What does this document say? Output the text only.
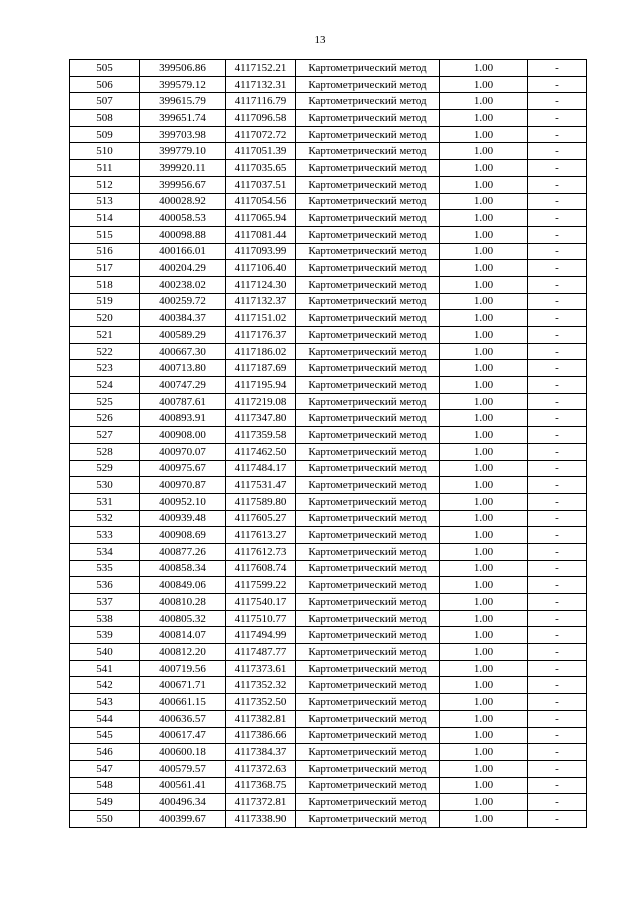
13
505	399506.86	4117152.21	Картометрический метод	1.00	-
506	399579.12	4117132.31	Картометрический метод	1.00	-
507	399615.79	4117116.79	Картометрический метод	1.00	-
508	399651.74	4117096.58	Картометрический метод	1.00	-
509	399703.98	4117072.72	Картометрический метод	1.00	-
510	399779.10	4117051.39	Картометрический метод	1.00	-
511	399920.11	4117035.65	Картометрический метод	1.00	-
512	399956.67	4117037.51	Картометрический метод	1.00	-
513	400028.92	4117054.56	Картометрический метод	1.00	-
514	400058.53	4117065.94	Картометрический метод	1.00	-
515	400098.88	4117081.44	Картометрический метод	1.00	-
516	400166.01	4117093.99	Картометрический метод	1.00	-
517	400204.29	4117106.40	Картометрический метод	1.00	-
518	400238.02	4117124.30	Картометрический метод	1.00	-
519	400259.72	4117132.37	Картометрический метод	1.00	-
520	400384.37	4117151.02	Картометрический метод	1.00	-
521	400589.29	4117176.37	Картометрический метод	1.00	-
522	400667.30	4117186.02	Картометрический метод	1.00	-
523	400713.80	4117187.69	Картометрический метод	1.00	-
524	400747.29	4117195.94	Картометрический метод	1.00	-
525	400787.61	4117219.08	Картометрический метод	1.00	-
526	400893.91	4117347.80	Картометрический метод	1.00	-
527	400908.00	4117359.58	Картометрический метод	1.00	-
528	400970.07	4117462.50	Картометрический метод	1.00	-
529	400975.67	4117484.17	Картометрический метод	1.00	-
530	400970.87	4117531.47	Картометрический метод	1.00	-
531	400952.10	4117589.80	Картометрический метод	1.00	-
532	400939.48	4117605.27	Картометрический метод	1.00	-
533	400908.69	4117613.27	Картометрический метод	1.00	-
534	400877.26	4117612.73	Картометрический метод	1.00	-
535	400858.34	4117608.74	Картометрический метод	1.00	-
536	400849.06	4117599.22	Картометрический метод	1.00	-
537	400810.28	4117540.17	Картометрический метод	1.00	-
538	400805.32	4117510.77	Картометрический метод	1.00	-
539	400814.07	4117494.99	Картометрический метод	1.00	-
540	400812.20	4117487.77	Картометрический метод	1.00	-
541	400719.56	4117373.61	Картометрический метод	1.00	-
542	400671.71	4117352.32	Картометрический метод	1.00	-
543	400661.15	4117352.50	Картометрический метод	1.00	-
544	400636.57	4117382.81	Картометрический метод	1.00	-
545	400617.47	4117386.66	Картометрический метод	1.00	-
546	400600.18	4117384.37	Картометрический метод	1.00	-
547	400579.57	4117372.63	Картометрический метод	1.00	-
548	400561.41	4117368.75	Картометрический метод	1.00	-
549	400496.34	4117372.81	Картометрический метод	1.00	-
550	400399.67	4117338.90	Картометрический метод	1.00	-
